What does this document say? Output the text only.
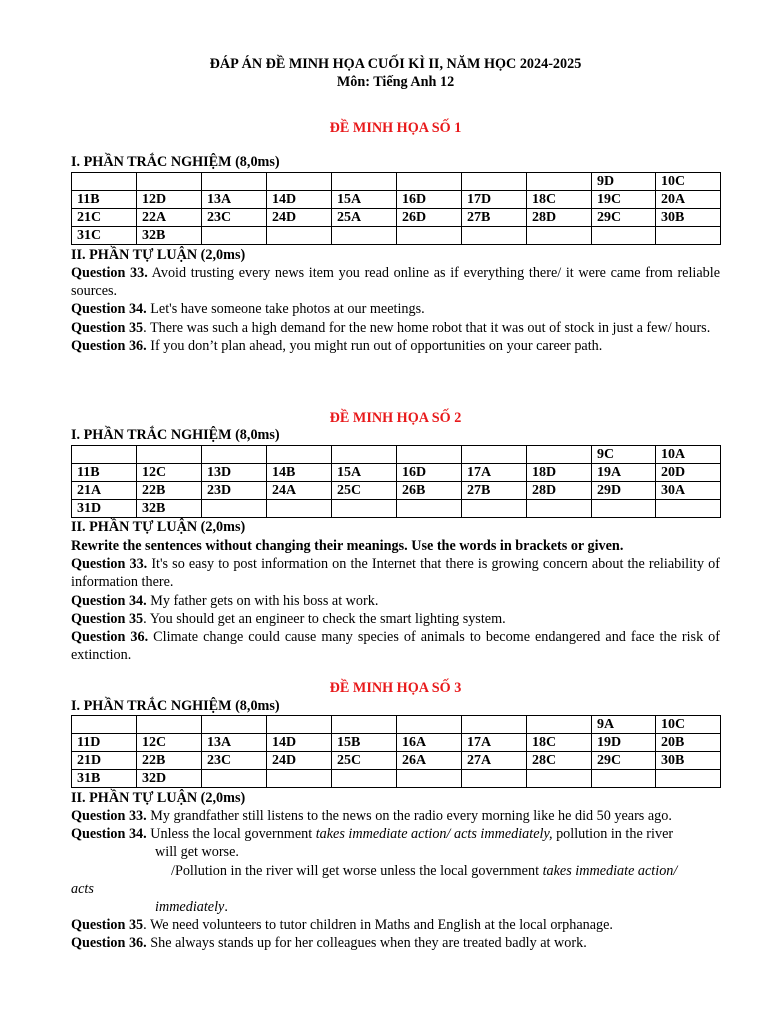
ĐÁP ÁN ĐỀ MINH HỌA CUỐI KÌ II, NĂM HỌC 2024-2025
Môn: Tiếng Anh 12
ĐỀ MINH HỌA SỐ 1
I. PHẦN TRẮC NGHIỆM (8,0ms)
								9D	10C
11B	12D	13A	14D	15A	16D	17D	18C	19C	20A
21C	22A	23C	24D	25A	26D	27B	28D	29C	30B
31C	32B								
II. PHẦN TỰ LUẬN (2,0ms)

Question 33. Avoid trusting every news item you read online as if everything there/ it were came from reliable sources.

Question 34. Let's have someone take photos at our meetings.

Question 35. There was such a high demand for the new home robot that it was out of stock in just a few/ hours.

Question 36. If you don’t plan ahead, you might run out of opportunities on your career path.

ĐỀ MINH HỌA SỐ 2
I. PHẦN TRẮC NGHIỆM (8,0ms)
								9C	10A
11B	12C	13D	14B	15A	16D	17A	18D	19A	20D
21A	22B	23D	24A	25C	26B	27B	28D	29D	30A
31D	32B								
II. PHẦN TỰ LUẬN (2,0ms)

Rewrite the sentences without changing their meanings. Use the words in brackets or given.

Question 33. It's so easy to post information on the Internet that there is growing concern about the reliability of information there.

Question 34. My father gets on with his boss at work.

Question 35. You should get an engineer to check the smart lighting system.

Question 36. Climate change could cause many species of animals to become endangered and face the risk of extinction.

ĐỀ MINH HỌA SỐ 3
I. PHẦN TRẮC NGHIỆM (8,0ms)
								9A	10C
11D	12C	13A	14D	15B	16A	17A	18C	19D	20B
21D	22B	23C	24D	25C	26A	27A	28C	29C	30B
31B	32D								
II. PHẦN TỰ LUẬN (2,0ms)

Question 33. My grandfather still listens to the news on the radio every morning like he did 50 years ago.

Question 34. Unless the local government takes immediate action/ acts immediately, pollution in the river

will get worse.

/Pollution in the river will get worse unless the local government takes immediate action/

acts

immediately.

Question 35. We need volunteers to tutor children in Maths and English at the local orphanage.

Question 36. She always stands up for her colleagues when they are treated badly at work.
